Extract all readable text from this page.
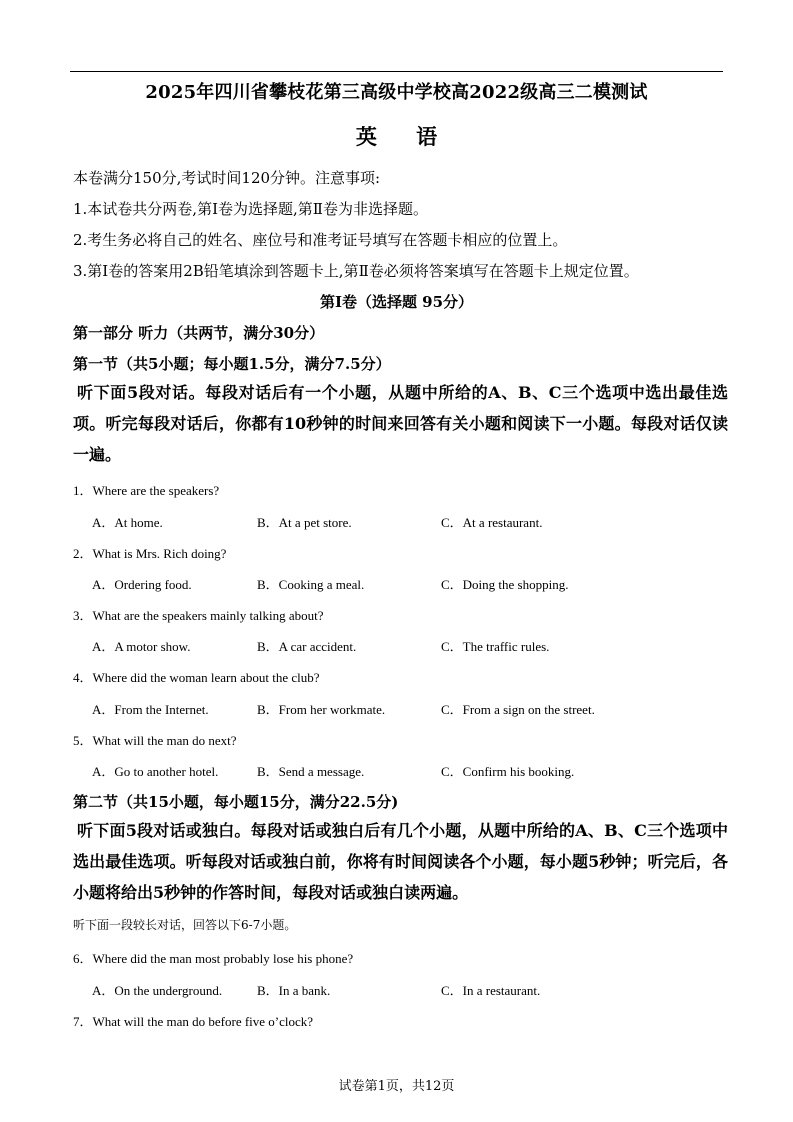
2025年四川省攀枝花第三高级中学校高2022级高三二模测试
英 语
本卷满分150分,考试时间120分钟。注意事项:
1.本试卷共分两卷,第Ⅰ卷为选择题,第Ⅱ卷为非选择题。
2.考生务必将自己的姓名、座位号和准考证号填写在答题卡相应的位置上。
3.第Ⅰ卷的答案用2B铅笔填涂到答题卡上,第Ⅱ卷必须将答案填写在答题卡上规定位置。
第Ⅰ卷（选择题 95分）
第一部分 听力（共两节，满分30分）
第一节（共5小题；每小题1.5分，满分7.5分）
听下面5段对话。每段对话后有一个小题，从题中所给的A、B、C三个选项中选出最佳选项。听完每段对话后，你都有10秒钟的时间来回答有关小题和阅读下一小题。每段对话仅读一遍。
1．Where are the speakers?
A．At home.	B．At a pet store.	C．At a restaurant.
2．What is Mrs. Rich doing?
A．Ordering food.	B．Cooking a meal.	C．Doing the shopping.
3．What are the speakers mainly talking about?
A．A motor show.	B．A car accident.	C．The traffic rules.
4．Where did the woman learn about the club?
A．From the Internet.	B．From her workmate.	C．From a sign on the street.
5．What will the man do next?
A．Go to another hotel.	B．Send a message.	C．Confirm his booking.
第二节（共15小题，每小题15分，满分22.5分)
听下面5段对话或独白。每段对话或独白后有几个小题，从题中所给的A、B、C三个选项中选出最佳选项。听每段对话或独白前，你将有时间阅读各个小题，每小题5秒钟；听完后，各小题将给出5秒钟的作答时间，每段对话或独白读两遍。
听下面一段较长对话，回答以下6-7小题。
6．Where did the man most probably lose his phone?
A．On the underground.	B．In a bank.	C．In a restaurant.
7．What will the man do before five o’clock?
试卷第1页，共12页
